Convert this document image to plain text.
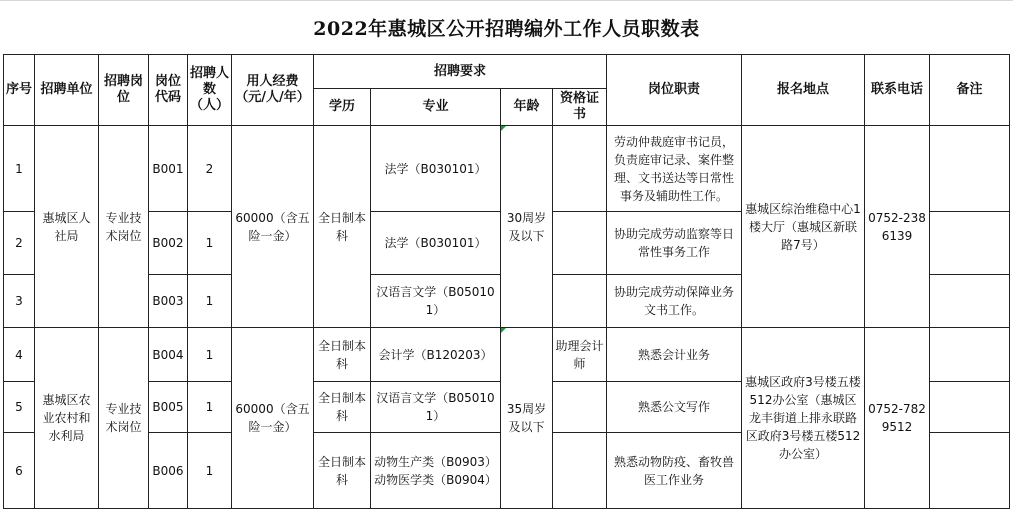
2022年惠城区公开招聘编外工作人员职数表
序号	招聘单位	招聘岗位	岗位代码	招聘人数（人）	用人经费（元/人/年）	招聘要求				岗位职责	报名地点	联系电话	备注
						学历	专业	年龄	资格证书				
1	惠城区人社局	专业技术岗位	B001	2	60000（含五险一金）	全日制本科	法学（B030101）	30周岁及以下		劳动仲裁庭审书记员，负责庭审记录、案件整理、文书送达等日常性事务及辅助性工作。	惠城区综治维稳中心1楼大厅（惠城区新联路7号）	0752-2386139	
2			B002	1			法学（B030101）			协助完成劳动监察等日常性事务工作			
3			B003	1			汉语言文学（B050101）			协助完成劳动保障业务文书工作。			
4	惠城区农业农村和水利局	专业技术岗位	B004	1	60000（含五险一金）	全日制本科	会计学（B120203）	35周岁及以下	助理会计师	熟悉会计业务	惠城区政府3号楼五楼512办公室（惠城区龙丰街道上排永联路区政府3号楼五楼512办公室）	0752-7829512	
5			B005	1		全日制本科	汉语言文学（B050101）			熟悉公文写作			
6			B006	1		全日制本科	动物生产类（B0903）动物医学类（B0904）			熟悉动物防疫、畜牧兽医工作业务			
